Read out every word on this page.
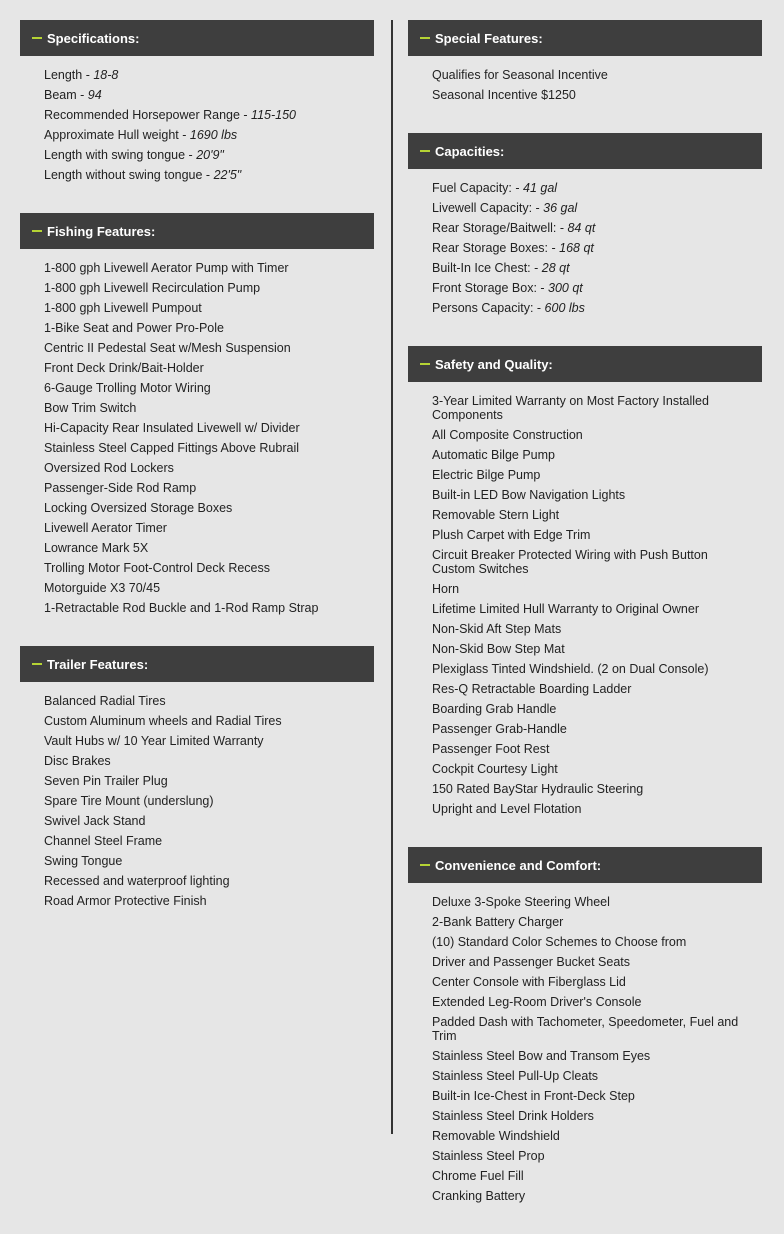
Specifications:
Length - 18-8
Beam - 94
Recommended Horsepower Range - 115-150
Approximate Hull weight - 1690 lbs
Length with swing tongue - 20'9"
Length without swing tongue - 22'5"
Fishing Features:
1-800 gph Livewell Aerator Pump with Timer
1-800 gph Livewell Recirculation Pump
1-800 gph Livewell Pumpout
1-Bike Seat and Power Pro-Pole
Centric II Pedestal Seat w/Mesh Suspension
Front Deck Drink/Bait-Holder
6-Gauge Trolling Motor Wiring
Bow Trim Switch
Hi-Capacity Rear Insulated Livewell w/ Divider
Stainless Steel Capped Fittings Above Rubrail
Oversized Rod Lockers
Passenger-Side Rod Ramp
Locking Oversized Storage Boxes
Livewell Aerator Timer
Lowrance Mark 5X
Trolling Motor Foot-Control Deck Recess
Motorguide X3 70/45
1-Retractable Rod Buckle and 1-Rod Ramp Strap
Trailer Features:
Balanced Radial Tires
Custom Aluminum wheels and Radial Tires
Vault Hubs w/ 10 Year Limited Warranty
Disc Brakes
Seven Pin Trailer Plug
Spare Tire Mount (underslung)
Swivel Jack Stand
Channel Steel Frame
Swing Tongue
Recessed and waterproof lighting
Road Armor Protective Finish
Special Features:
Qualifies for Seasonal Incentive
Seasonal Incentive $1250
Capacities:
Fuel Capacity: - 41 gal
Livewell Capacity: - 36 gal
Rear Storage/Baitwell: - 84 qt
Rear Storage Boxes: - 168 qt
Built-In Ice Chest: - 28 qt
Front Storage Box: - 300 qt
Persons Capacity: - 600 lbs
Safety and Quality:
3-Year Limited Warranty on Most Factory Installed Components
All Composite Construction
Automatic Bilge Pump
Electric Bilge Pump
Built-in LED Bow Navigation Lights
Removable Stern Light
Plush Carpet with Edge Trim
Circuit Breaker Protected Wiring with Push Button Custom Switches
Horn
Lifetime Limited Hull Warranty to Original Owner
Non-Skid Aft Step Mats
Non-Skid Bow Step Mat
Plexiglass Tinted Windshield. (2 on Dual Console)
Res-Q Retractable Boarding Ladder
Boarding Grab Handle
Passenger Grab-Handle
Passenger Foot Rest
Cockpit Courtesy Light
150 Rated BayStar Hydraulic Steering
Upright and Level Flotation
Convenience and Comfort:
Deluxe 3-Spoke Steering Wheel
2-Bank Battery Charger
(10) Standard Color Schemes to Choose from
Driver and Passenger Bucket Seats
Center Console with Fiberglass Lid
Extended Leg-Room Driver's Console
Padded Dash with Tachometer, Speedometer, Fuel and Trim
Stainless Steel Bow and Transom Eyes
Stainless Steel Pull-Up Cleats
Built-in Ice-Chest in Front-Deck Step
Stainless Steel Drink Holders
Removable Windshield
Stainless Steel Prop
Chrome Fuel Fill
Cranking Battery
